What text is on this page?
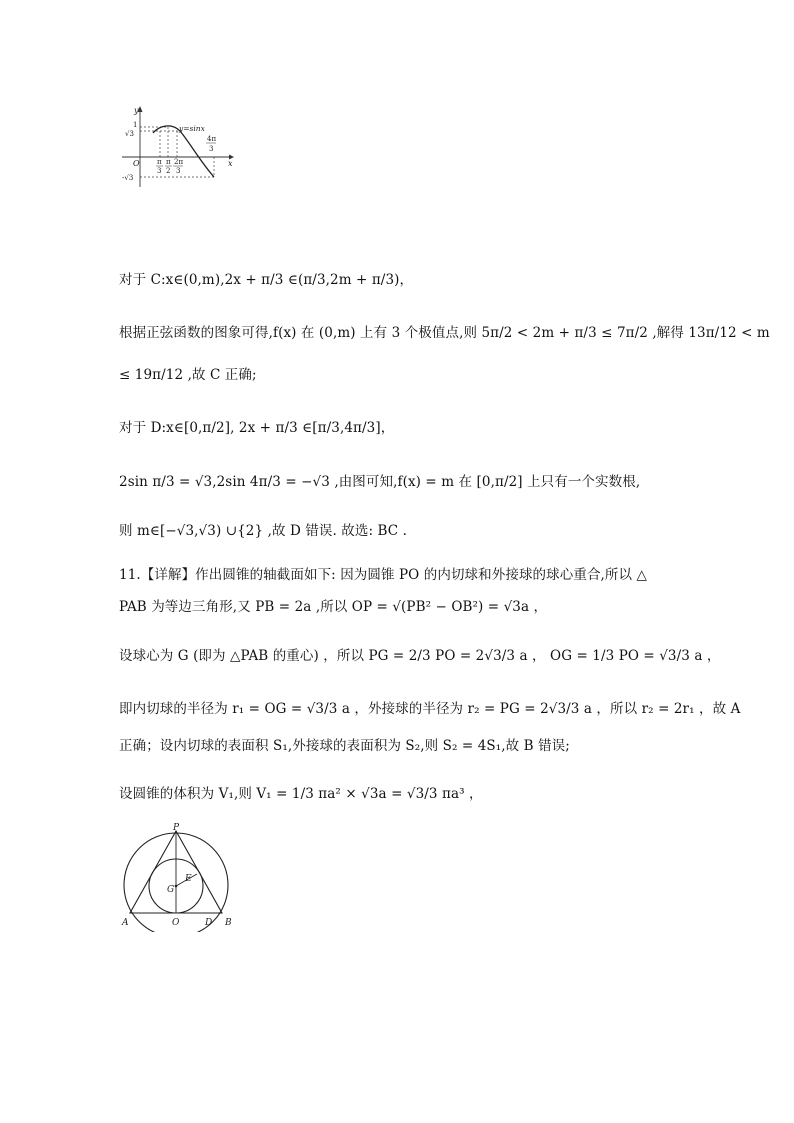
y
x
y=sinx
O
1
√3
-√3
π
3
π
2
2π
3
4π
3
对于 C:x∈(0,m),2x + π/3 ∈(π/3,2m + π/3)，
根据正弦函数的图象可得,f(x) 在 (0,m) 上有 3 个极值点,则 5π/2 < 2m + π/3 ≤ 7π/2 ,解得 13π/12 < m
≤ 19π/12 ,故 C 正确;
对于 D:x∈[0,π/2], 2x + π/3 ∈[π/3,4π/3]，
2sin π/3 = √3,2sin 4π/3 = −√3 ,由图可知,f(x) = m 在 [0,π/2] 上只有一个实数根,
则 m∈[−√3,√3) ∪{2} ,故 D 错误. 故选: BC .
11.【详解】作出圆锥的轴截面如下: 因为圆锥 PO 的内切球和外接球的球心重合,所以 △
PAB 为等边三角形,又 PB = 2a ,所以 OP = √(PB² − OB²) = √3a ，
设球心为 G (即为 △PAB 的重心) ，所以 PG = 2/3 PO = 2√3/3 a ， OG = 1/3 PO = √3/3 a ，
即内切球的半径为 r₁ = OG = √3/3 a ，外接球的半径为 r₂ = PG = 2√3/3 a ，所以 r₂ = 2r₁ ，故 A
正确；设内切球的表面积 S₁,外接球的表面积为 S₂,则 S₂ = 4S₁,故 B 错误;
设圆锥的体积为 V₁,则 V₁ = 1/3 πa² × √3a = √3/3 πa³ ，
P
E
G
A	O	D B
